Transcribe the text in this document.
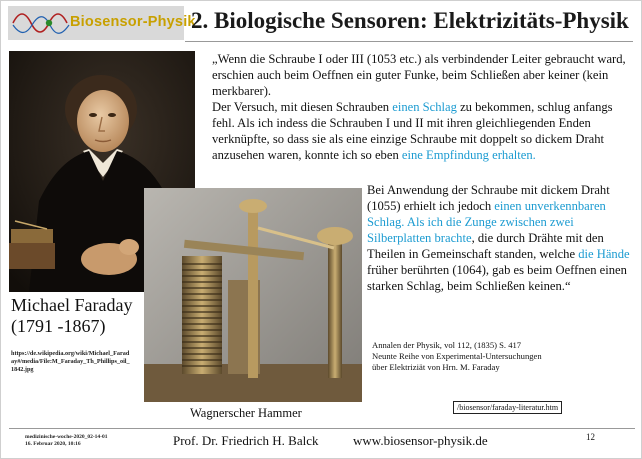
Biosensor-Physik
2. Biologische Sensoren: Elektrizitäts-Physik
Michael Faraday
(1791 -1867)
https://de.wikipedia.org/wiki/Michael_Faraday#/media/File:M_Faraday_Th_Phillips_oil_1842.jpg
„Wenn die Schraube I oder III (1053 etc.) als verbindender Leiter gebraucht ward, erschien auch beim Oeffnen ein guter Funke, beim Schließen aber keiner (kein merkbarer).
Der Versuch, mit diesen Schrauben einen Schlag zu bekommen, schlug anfangs fehl. Als ich indess die Schrauben I und II mit ihren gleichliegenden Enden verknüpfte, so dass sie als eine einzige Schraube mit doppelt so dickem Draht anzusehen waren, konnte ich so eben eine Empfindung erhalten.
Wagnerscher Hammer
Bei Anwendung der Schraube mit dickem Draht (1055) erhielt ich jedoch einen unverkennbaren Schlag. Als ich die Zunge zwischen zwei Silberplatten brachte, die durch Drähte mit den Theilen in Gemeinschaft standen, welche die Hände früher berührten (1064), gab es beim Oeffnen einen starken Schlag, beim Schließen keinen.“
Annalen der Physik, vol 112, (1835) S. 417
Neunte Reihe von Experimental-Untersuchungen
über Elektriziät von Hrn. M. Faraday
/biosensor/faraday-literatur.htm
medizinische-woche-2020_02-14-01
16. Februar 2020, 10:16	Prof. Dr. Friedrich H. Balck	www.biosensor-physik.de	12
